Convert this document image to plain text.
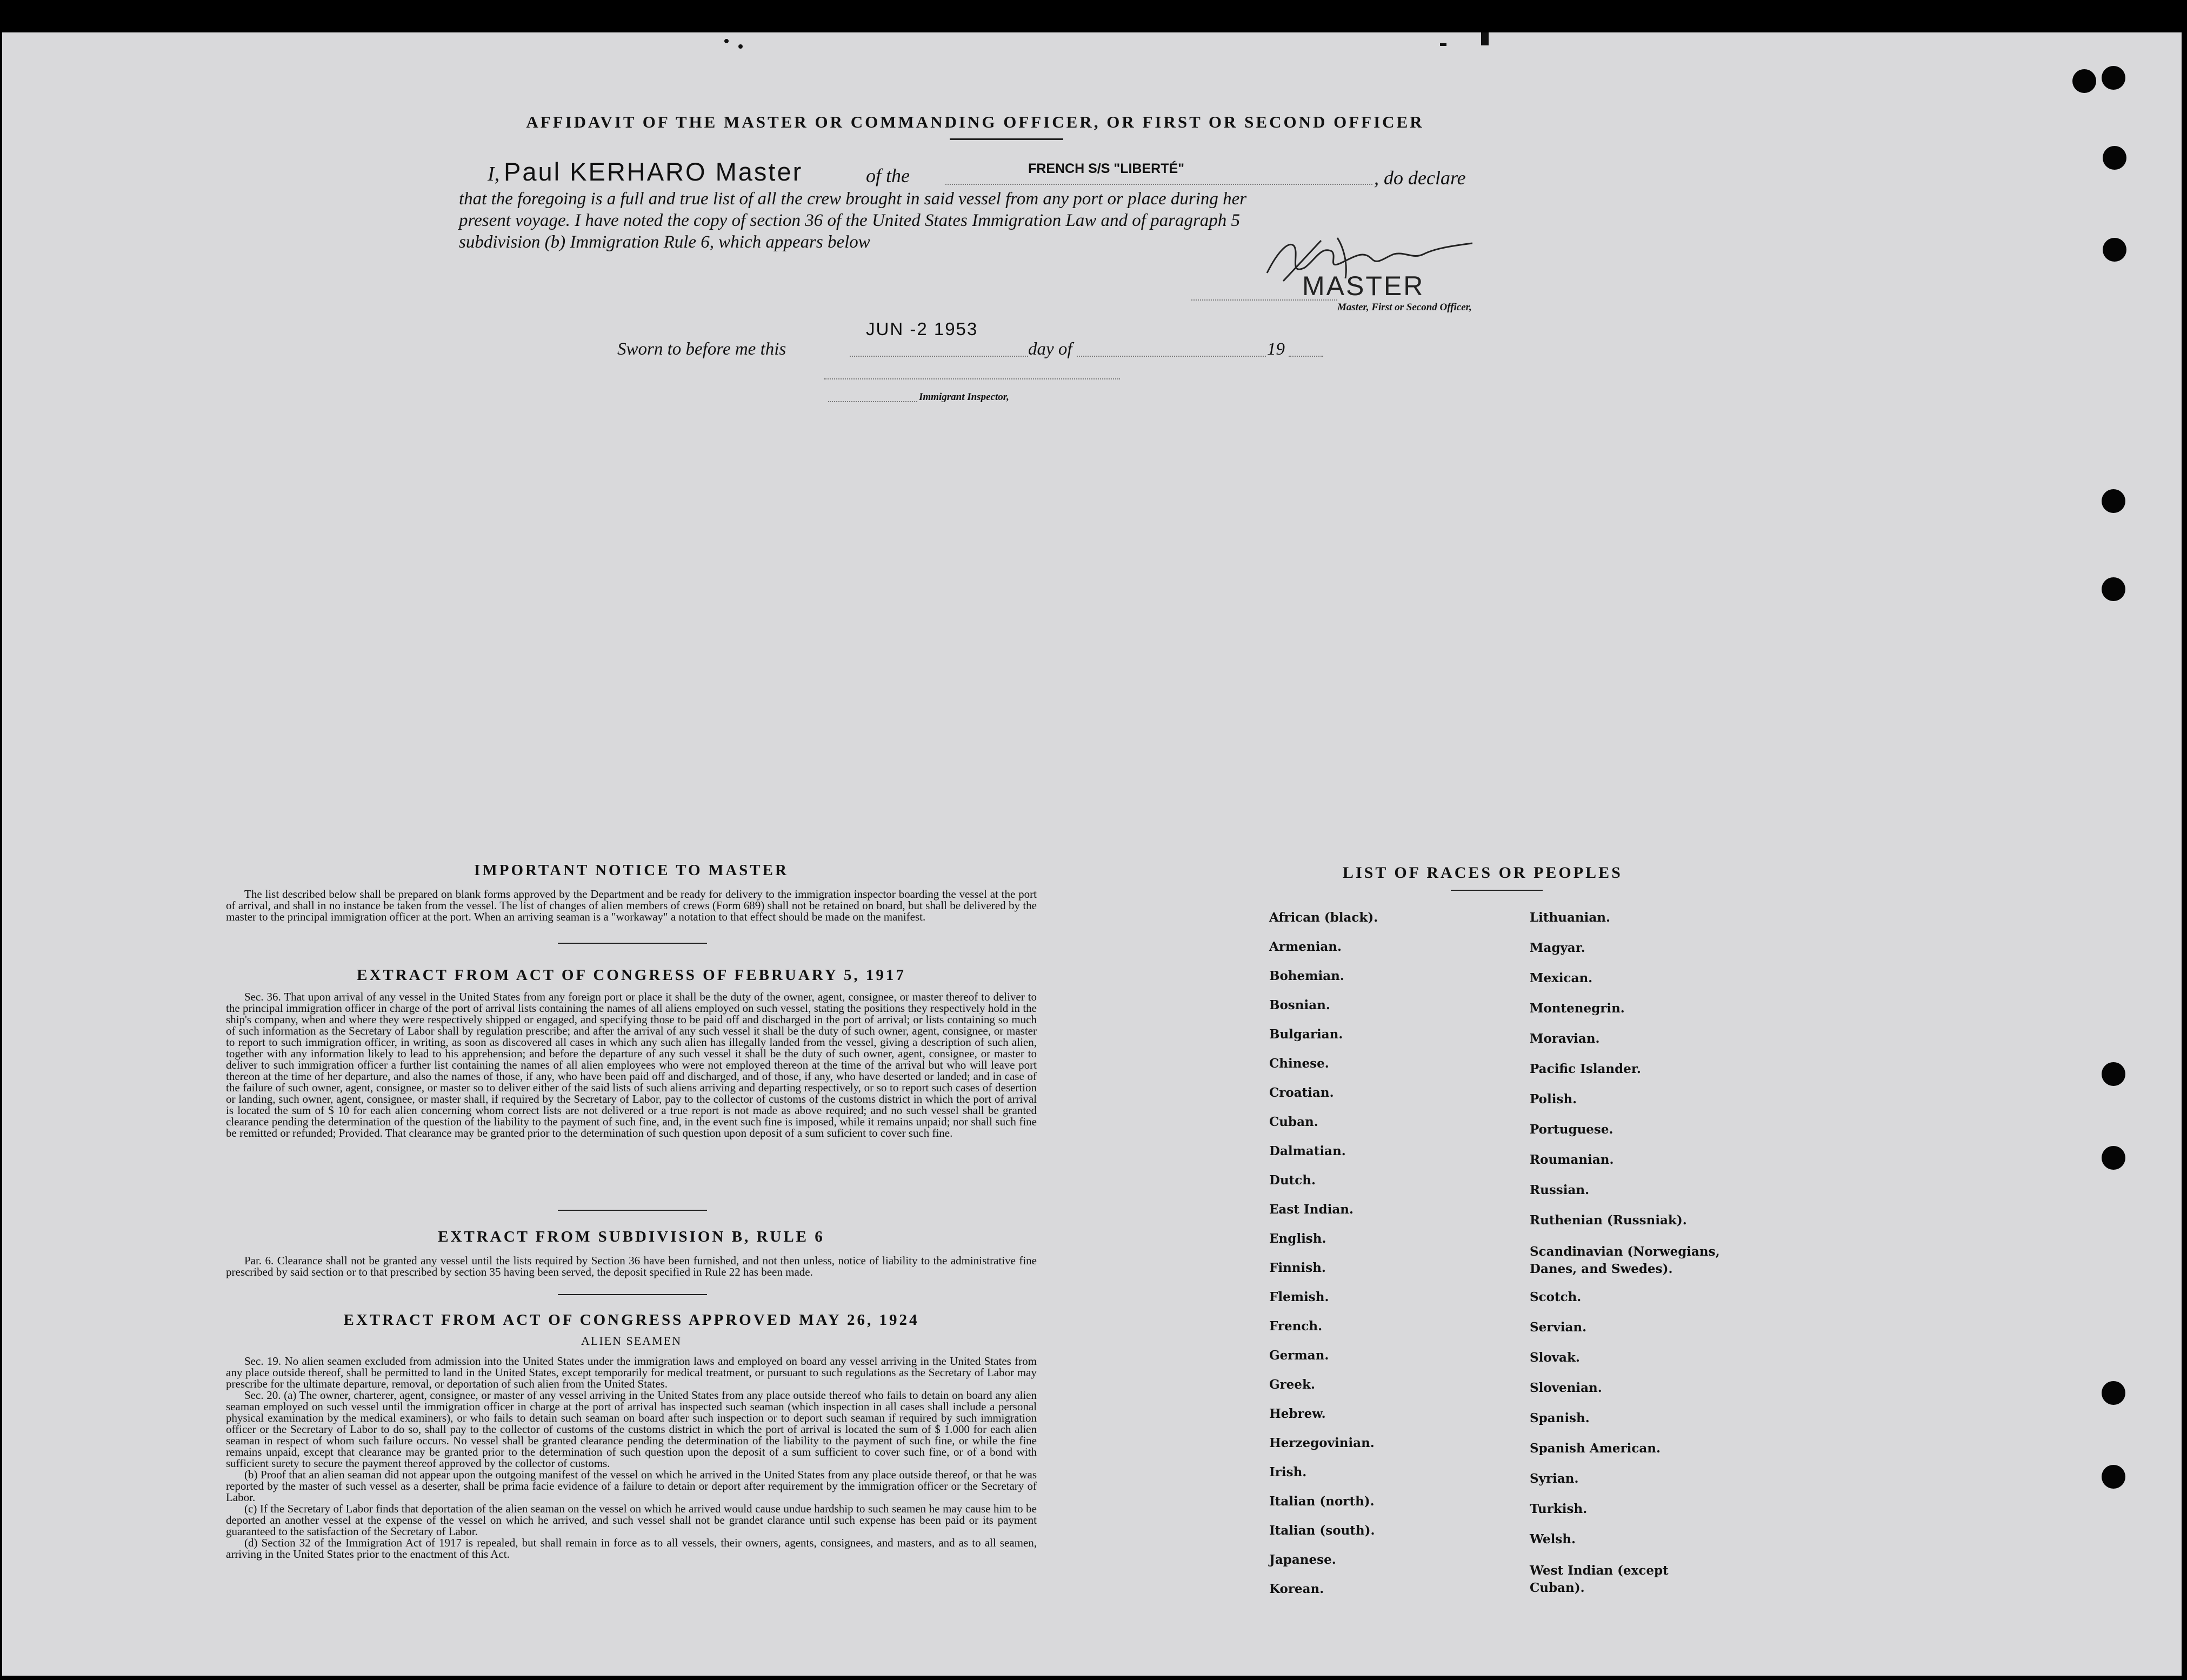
AFFIDAVIT OF THE MASTER OR COMMANDING OFFICER, OR FIRST OR SECOND OFFICER
I, Paul KERHARO Master	of the	FRENCH S/S "LIBERTÉ"	, do declare
that the foregoing is a full and true list of all the crew brought in said vessel from any port or place during her
present voyage. I have noted the copy of section 36 of the United States Immigration Law and of paragraph 5
subdivision (b) Immigration Rule 6, which appears below
MASTER
Master, First or Second Officer,
Sworn to before me this
JUN -2 1953
day of	19
Immigrant Inspector,
IMPORTANT NOTICE TO MASTER
The list described below shall be prepared on blank forms approved by the Department and be ready for delivery to the immigration inspector boarding the vessel at the port of arrival, and shall in no instance be taken from the vessel. The list of changes of alien members of crews (Form 689) shall not be retained on board, but shall be delivered by the master to the principal immigration officer at the port. When an arriving seaman is a "workaway" a notation to that effect should be made on the manifest.
EXTRACT FROM ACT OF CONGRESS OF FEBRUARY 5, 1917
Sec. 36. That upon arrival of any vessel in the United States from any foreign port or place it shall be the duty of the owner, agent, consignee, or master thereof to deliver to the principal immigration officer in charge of the port of arrival lists containing the names of all aliens employed on such vessel, stating the positions they respectively hold in the ship's company, when and where they were respectively shipped or engaged, and specifying those to be paid off and discharged in the port of arrival; or lists containing so much of such information as the Secretary of Labor shall by regulation prescribe; and after the arrival of any such vessel it shall be the duty of such owner, agent, consignee, or master to report to such immigration officer, in writing, as soon as discovered all cases in which any such alien has illegally landed from the vessel, giving a description of such alien, together with any information likely to lead to his apprehension; and before the departure of any such vessel it shall be the duty of such owner, agent, consignee, or master to deliver to such immigration officer a further list containing the names of all alien employees who were not employed thereon at the time of the arrival but who will leave port thereon at the time of her departure, and also the names of those, if any, who have been paid off and discharged, and of those, if any, who have deserted or landed; and in case of the failure of such owner, agent, consignee, or master so to deliver either of the said lists of such aliens arriving and departing respectively, or so to report such cases of desertion or landing, such owner, agent, consignee, or master shall, if required by the Secretary of Labor, pay to the collector of customs of the customs district in which the port of arrival is located the sum of $ 10 for each alien concerning whom correct lists are not delivered or a true report is not made as above required; and no such vessel shall be granted clearance pending the determination of the question of the liability to the payment of such fine, and, in the event such fine is imposed, while it remains unpaid; nor shall such fine be remitted or refunded; Provided. That clearance may be granted prior to the determination of such question upon deposit of a sum suficient to cover such fine.
EXTRACT FROM SUBDIVISION B, RULE 6
Par. 6. Clearance shall not be granted any vessel until the lists required by Section 36 have been furnished, and not then unless, notice of liability to the administrative fine prescribed by said section or to that prescribed by section 35 having been served, the deposit specified in Rule 22 has been made.
EXTRACT FROM ACT OF CONGRESS APPROVED MAY 26, 1924
ALIEN SEAMEN

Sec. 19. No alien seamen excluded from admission into the United States under the immigration laws and employed on board any vessel arriving in the United States from any place outside thereof, shall be permitted to land in the United States, except temporarily for medical treatment, or pursuant to such regulations as the Secretary of Labor may prescribe for the ultimate departure, removal, or deportation of such alien from the United States.

Sec. 20. (a) The owner, charterer, agent, consignee, or master of any vessel arriving in the United States from any place outside thereof who fails to detain on board any alien seaman employed on such vessel until the immigration officer in charge at the port of arrival has inspected such seaman (which inspection in all cases shall include a personal physical examination by the medical examiners), or who fails to detain such seaman on board after such inspection or to deport such seaman if required by such immigration officer or the Secretary of Labor to do so, shall pay to the collector of customs of the customs district in which the port of arrival is located the sum of $ 1.000 for each alien seaman in respect of whom such failure occurs. No vessel shall be granted clearance pending the determination of the liability to the payment of such fine, or while the fine remains unpaid, except that clearance may be granted prior to the determination of such question upon the deposit of a sum sufficient to cover such fine, or of a bond with sufficient surety to secure the payment thereof approved by the collector of customs.

(b) Proof that an alien seaman did not appear upon the outgoing manifest of the vessel on which he arrived in the United States from any place outside thereof, or that he was reported by the master of such vessel as a deserter, shall be prima facie evidence of a failure to detain or deport after requirement by the immigration officer or the Secretary of Labor.

(c) If the Secretary of Labor finds that deportation of the alien seaman on the vessel on which he arrived would cause undue hardship to such seamen he may cause him to be deported an another vessel at the expense of the vessel on which he arrived, and such vessel shall not be grandet clarance until such expense has been paid or its payment guaranteed to the satisfaction of the Secretary of Labor.

(d) Section 32 of the Immigration Act of 1917 is repealed, but shall remain in force as to all vessels, their owners, agents, consignees, and masters, and as to all seamen, arriving in the United States prior to the enactment of this Act.

LIST OF RACES OR PEOPLES
African (black).
Armenian.
Bohemian.
Bosnian.
Bulgarian.
Chinese.
Croatian.
Cuban.
Dalmatian.
Dutch.
East Indian.
English.
Finnish.
Flemish.
French.
German.
Greek.
Hebrew.
Herzegovinian.
Irish.
Italian (north).
Italian (south).
Japanese.
Korean.
Lithuanian.
Magyar.
Mexican.
Montenegrin.
Moravian.
Pacific Islander.
Polish.
Portuguese.
Roumanian.
Russian.
Ruthenian (Russniak).
Scandinavian (Norwegians, Danes, and Swedes).
Scotch.
Servian.
Slovak.
Slovenian.
Spanish.
Spanish American.
Syrian.
Turkish.
Welsh.
West Indian (except Cuban).
